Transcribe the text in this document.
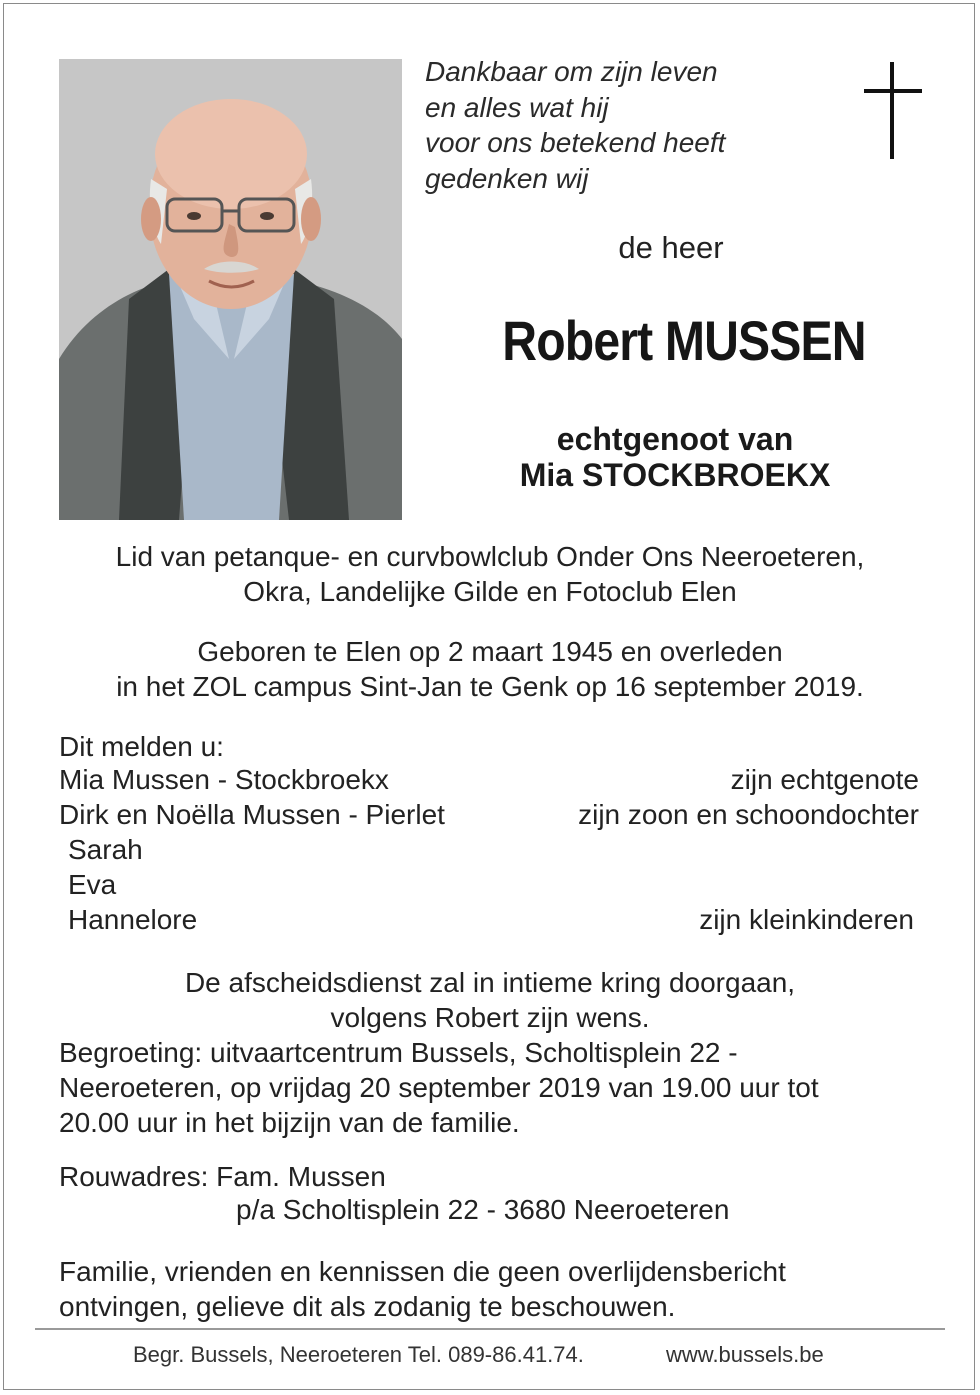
Dankbaar om zijn leven
en alles wat hij
voor ons betekend heeft
gedenken wij
de heer
Robert MUSSEN
echtgenoot van
Mia STOCKBROEKX
Lid van petanque- en curvbowlclub Onder Ons Neeroeteren,
Okra, Landelijke Gilde en Fotoclub Elen
Geboren te Elen op 2 maart 1945 en overleden
in het ZOL campus Sint-Jan te Genk op 16 september 2019.
Dit melden u:
Mia Mussen - Stockbroekx	zijn echtgenote
Dirk en Noëlla Mussen - Pierlet	zijn zoon en schoondochter
Sarah
Eva
Hannelore	zijn kleinkinderen
De afscheidsdienst zal in intieme kring doorgaan,
volgens Robert zijn wens.
Begroeting: uitvaartcentrum Bussels, Scholtisplein 22 -
Neeroeteren, op vrijdag 20 september 2019 van 19.00 uur tot
20.00 uur in het bijzijn van de familie.
Rouwadres: Fam. Mussen
p/a Scholtisplein 22 - 3680 Neeroeteren
Familie, vrienden en kennissen die geen overlijdensbericht
ontvingen, gelieve dit als zodanig te beschouwen.
Begr. Bussels, Neeroeteren Tel. 089-86.41.74.	www.bussels.be
